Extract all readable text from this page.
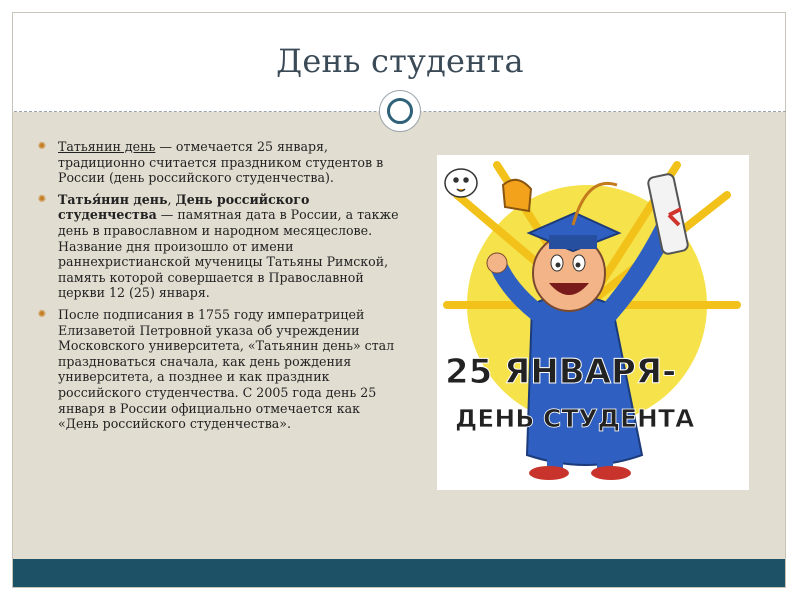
День студента
✺ Татьянин день — отмечается 25 января, традиционно считается праздником студентов в России (день российского студенчества).
✺ Татья́нин день, День российского студенчества — памятная дата в России, а также день в православном и народном месяцеслове. Название дня произошло от имени раннехристианской мученицы Татьяны Римской, память которой совершается в Православной церкви 12 (25) января.
✺ После подписания в 1755 году императрицей Елизаветой Петровной указа об учреждении Московского университета, «Татьянин день» стал праздноваться сначала, как день рождения университета, а позднее и как праздник российского студенчества. С 2005 года день 25 января в России официально отмечается как «День российского студенчества».
25 ЯНВАРЯ-
ДЕНЬ СТУДЕНТА
